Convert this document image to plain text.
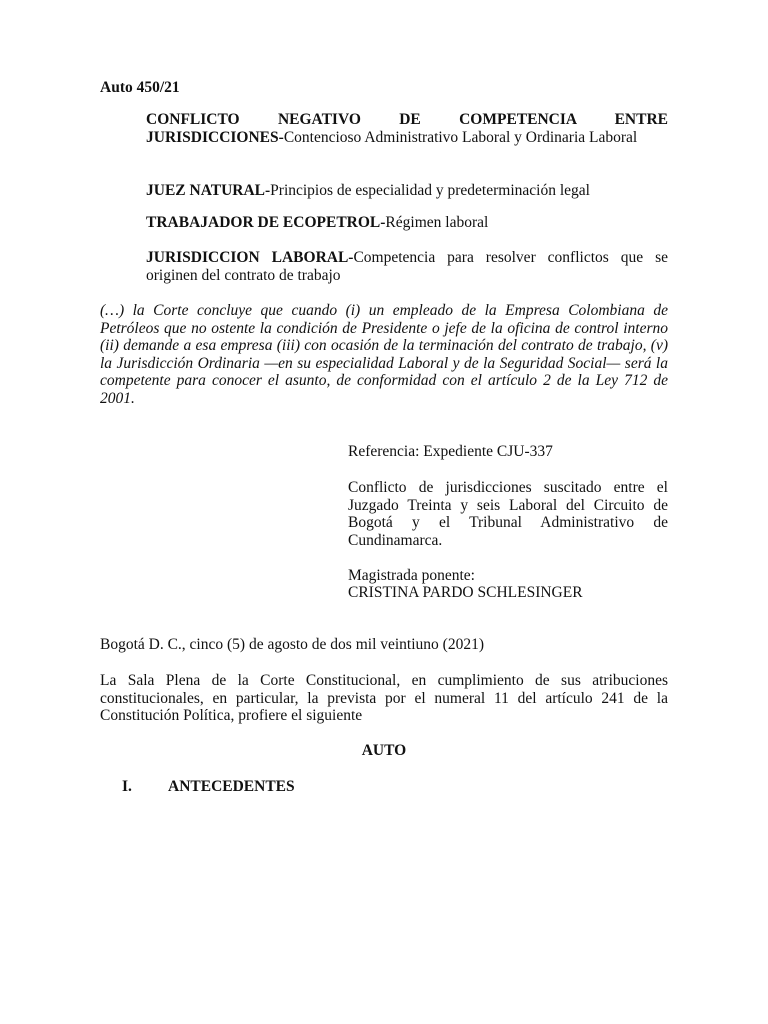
Auto 450/21

CONFLICTO NEGATIVO DE COMPETENCIA ENTRE JURISDICCIONES-Contencioso Administrativo Laboral y Ordinaria Laboral

JUEZ NATURAL-Principios de especialidad y predeterminación legal

TRABAJADOR DE ECOPETROL-Régimen laboral

JURISDICCION LABORAL-Competencia para resolver conflictos que se originen del contrato de trabajo

(…) la Corte concluye que cuando (i) un empleado de la Empresa Colombiana de Petróleos que no ostente la condición de Presidente o jefe de la oficina de control interno (ii) demande a esa empresa (iii) con ocasión de la terminación del contrato de trabajo, (v) la Jurisdicción Ordinaria —en su especialidad Laboral y de la Seguridad Social— será la competente para conocer el asunto, de conformidad con el artículo 2 de la Ley 712 de 2001.

Referencia: Expediente CJU-337

Conflicto de jurisdicciones suscitado entre el Juzgado Treinta y seis Laboral del Circuito de Bogotá y el Tribunal Administrativo de Cundinamarca.

Magistrada ponente:

CRISTINA PARDO SCHLESINGER

Bogotá D. C., cinco (5) de agosto de dos mil veintiuno (2021)

La Sala Plena de la Corte Constitucional, en cumplimiento de sus atribuciones constitucionales, en particular, la prevista por el numeral 11 del artículo 241 de la Constitución Política, profiere el siguiente

AUTO

I. ANTECEDENTES
